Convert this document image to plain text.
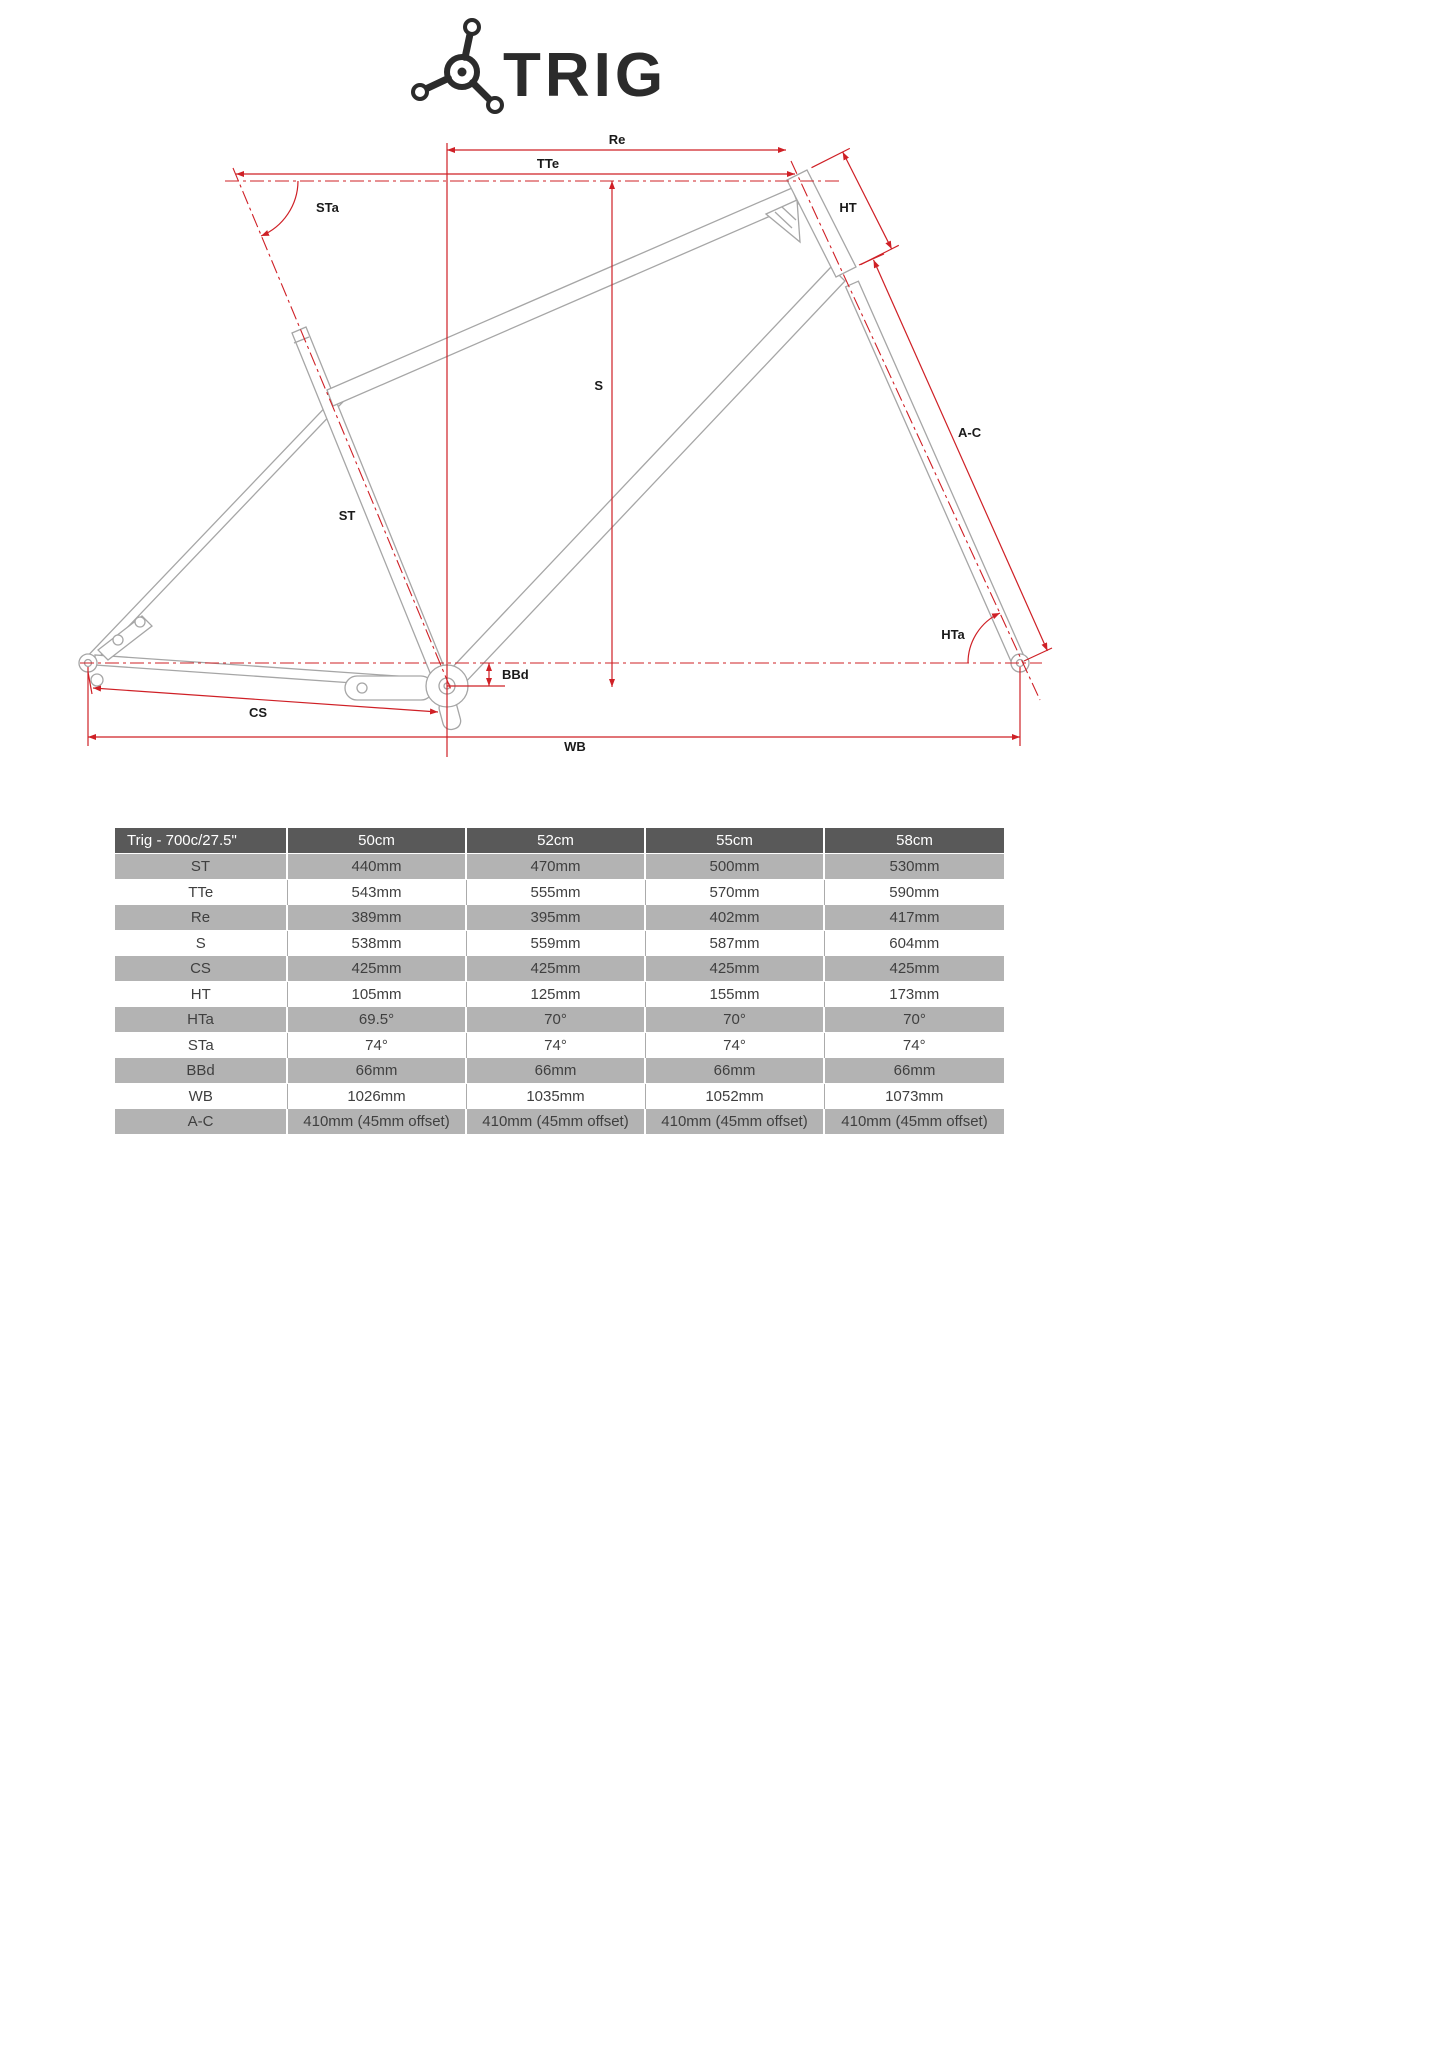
TRIG
Re
TTe
STa	HT
S
ST
A-C
HTa
BBd
CS
WB
Trig - 700c/27.5"	50cm	52cm	55cm	58cm
ST	440mm	470mm	500mm	530mm
TTe	543mm	555mm	570mm	590mm
Re	389mm	395mm	402mm	417mm
S	538mm	559mm	587mm	604mm
CS	425mm	425mm	425mm	425mm
HT	105mm	125mm	155mm	173mm
HTa	69.5°	70°	70°	70°
STa	74°	74°	74°	74°
BBd	66mm	66mm	66mm	66mm
WB	1026mm	1035mm	1052mm	1073mm
A-C	410mm (45mm offset)	410mm (45mm offset)	410mm (45mm offset)	410mm (45mm offset)
